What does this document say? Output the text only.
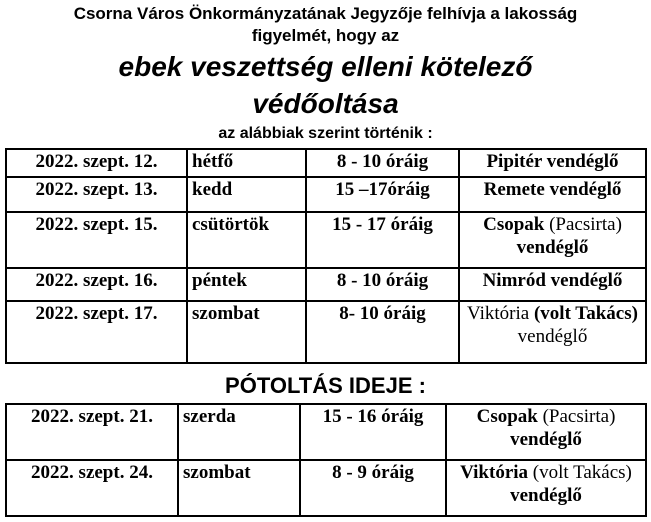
Csorna Város Önkormányzatának Jegyzője felhívja a lakosság
figyelmét, hogy az
ebek veszettség elleni kötelező
védőoltása
az alábbiak szerint történik :
2022. szept. 12.	hétfő	8 - 10 óráig	Pipitér vendéglő
2022. szept. 13.	kedd	15 –17óráig	Remete vendéglő
2022. szept. 15.	csütörtök	15 - 17 óráig	Csopak (Pacsirta) vendéglő
2022. szept. 16.	péntek	8 - 10 óráig	Nimród vendéglő
2022. szept. 17.	szombat	8- 10 óráig	Viktória (volt Takács) vendéglő
PÓTOLTÁS IDEJE :
2022. szept. 21.	szerda	15 - 16 óráig	Csopak (Pacsirta) vendéglő
2022. szept. 24.	szombat	8 - 9 óráig	Viktória (volt Takács) vendéglő
